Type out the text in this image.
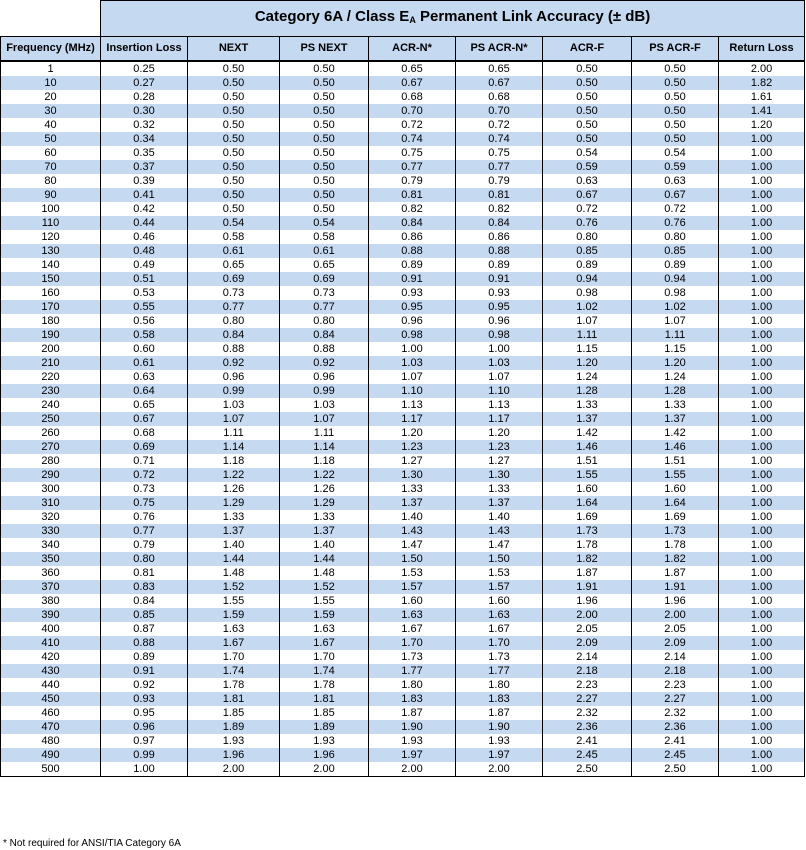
	Category 6A / Class $E_A$ Permanent Link Accuracy (± dB)							
Frequency (MHz)	Insertion Loss	NEXT	PS NEXT	ACR-N*	PS ACR-N*	ACR-F	PS ACR-F	Return Loss
1	0.25	0.50	0.50	0.65	0.65	0.50	0.50	2.00
10	0.27	0.50	0.50	0.67	0.67	0.50	0.50	1.82
20	0.28	0.50	0.50	0.68	0.68	0.50	0.50	1.61
30	0.30	0.50	0.50	0.70	0.70	0.50	0.50	1.41
40	0.32	0.50	0.50	0.72	0.72	0.50	0.50	1.20
50	0.34	0.50	0.50	0.74	0.74	0.50	0.50	1.00
60	0.35	0.50	0.50	0.75	0.75	0.54	0.54	1.00
70	0.37	0.50	0.50	0.77	0.77	0.59	0.59	1.00
80	0.39	0.50	0.50	0.79	0.79	0.63	0.63	1.00
90	0.41	0.50	0.50	0.81	0.81	0.67	0.67	1.00
100	0.42	0.50	0.50	0.82	0.82	0.72	0.72	1.00
110	0.44	0.54	0.54	0.84	0.84	0.76	0.76	1.00
120	0.46	0.58	0.58	0.86	0.86	0.80	0.80	1.00
130	0.48	0.61	0.61	0.88	0.88	0.85	0.85	1.00
140	0.49	0.65	0.65	0.89	0.89	0.89	0.89	1.00
150	0.51	0.69	0.69	0.91	0.91	0.94	0.94	1.00
160	0.53	0.73	0.73	0.93	0.93	0.98	0.98	1.00
170	0.55	0.77	0.77	0.95	0.95	1.02	1.02	1.00
180	0.56	0.80	0.80	0.96	0.96	1.07	1.07	1.00
190	0.58	0.84	0.84	0.98	0.98	1.11	1.11	1.00
200	0.60	0.88	0.88	1.00	1.00	1.15	1.15	1.00
210	0.61	0.92	0.92	1.03	1.03	1.20	1.20	1.00
220	0.63	0.96	0.96	1.07	1.07	1.24	1.24	1.00
230	0.64	0.99	0.99	1.10	1.10	1.28	1.28	1.00
240	0.65	1.03	1.03	1.13	1.13	1.33	1.33	1.00
250	0.67	1.07	1.07	1.17	1.17	1.37	1.37	1.00
260	0.68	1.11	1.11	1.20	1.20	1.42	1.42	1.00
270	0.69	1.14	1.14	1.23	1.23	1.46	1.46	1.00
280	0.71	1.18	1.18	1.27	1.27	1.51	1.51	1.00
290	0.72	1.22	1.22	1.30	1.30	1.55	1.55	1.00
300	0.73	1.26	1.26	1.33	1.33	1.60	1.60	1.00
310	0.75	1.29	1.29	1.37	1.37	1.64	1.64	1.00
320	0.76	1.33	1.33	1.40	1.40	1.69	1.69	1.00
330	0.77	1.37	1.37	1.43	1.43	1.73	1.73	1.00
340	0.79	1.40	1.40	1.47	1.47	1.78	1.78	1.00
350	0.80	1.44	1.44	1.50	1.50	1.82	1.82	1.00
360	0.81	1.48	1.48	1.53	1.53	1.87	1.87	1.00
370	0.83	1.52	1.52	1.57	1.57	1.91	1.91	1.00
380	0.84	1.55	1.55	1.60	1.60	1.96	1.96	1.00
390	0.85	1.59	1.59	1.63	1.63	2.00	2.00	1.00
400	0.87	1.63	1.63	1.67	1.67	2.05	2.05	1.00
410	0.88	1.67	1.67	1.70	1.70	2.09	2.09	1.00
420	0.89	1.70	1.70	1.73	1.73	2.14	2.14	1.00
430	0.91	1.74	1.74	1.77	1.77	2.18	2.18	1.00
440	0.92	1.78	1.78	1.80	1.80	2.23	2.23	1.00
450	0.93	1.81	1.81	1.83	1.83	2.27	2.27	1.00
460	0.95	1.85	1.85	1.87	1.87	2.32	2.32	1.00
470	0.96	1.89	1.89	1.90	1.90	2.36	2.36	1.00
480	0.97	1.93	1.93	1.93	1.93	2.41	2.41	1.00
490	0.99	1.96	1.96	1.97	1.97	2.45	2.45	1.00
500	1.00	2.00	2.00	2.00	2.00	2.50	2.50	1.00
* Not required for ANSI/TIA Category 6A
